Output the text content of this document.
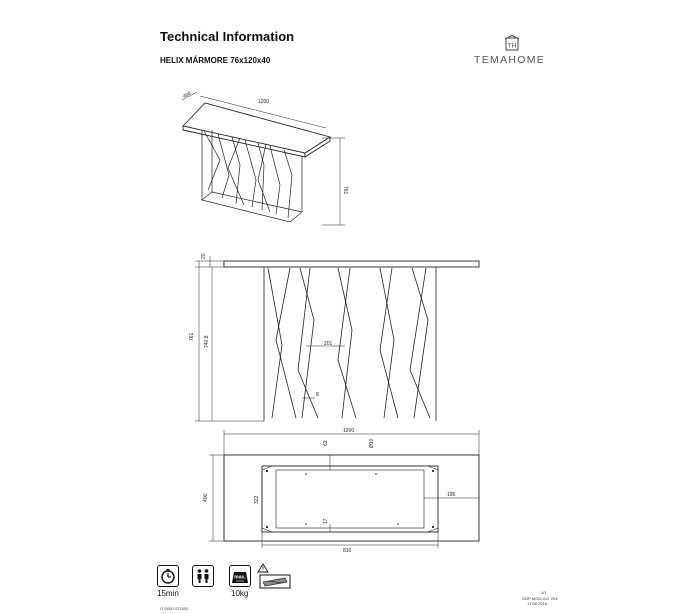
Technical Information
HELIX MÁRMORE 76x120x40
TH
TEMAHOME
400
1200
761
20
761 740.8	201
8
1200
400	322
810
195
62
17
Ø10
15min
max.
10kg
IT-0000-STD/00
1/1
GDP-MOD-012 V04
17.08.2016
